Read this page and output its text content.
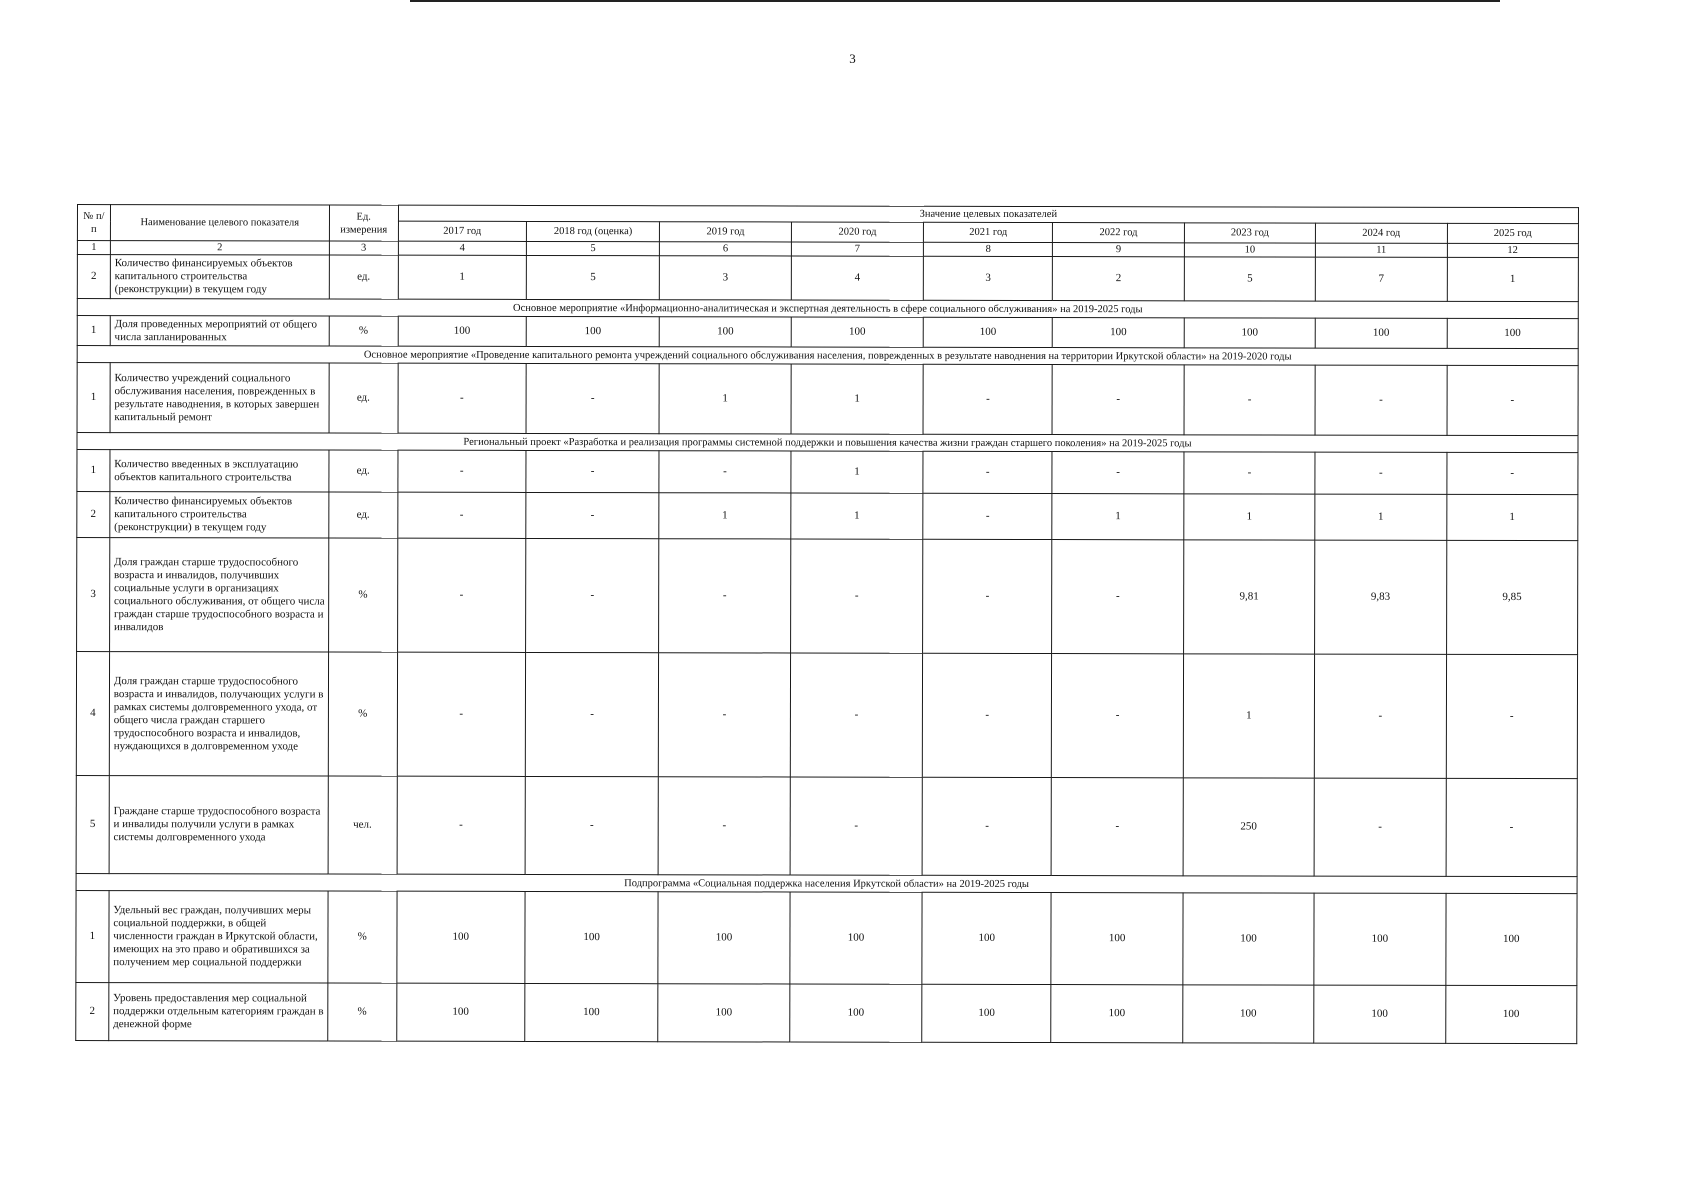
3
№ п/п	Наименование целевого показателя	Ед. измерения	Значение целевых показателей								
			2017 год	2018 год (оценка)	2019 год	2020 год	2021 год	2022 год	2023 год	2024 год	2025 год
1	2	3	4	5	6	7	8	9	10	11	12
2	Количество финансируемых объектов капитального строительства (реконструкции) в текущем году	ед.	1	5	3	4	3	2	5	7	1
Основное мероприятие «Информационно-аналитическая и экспертная деятельность в сфере социального обслуживания» на 2019-2025 годы											
1	Доля проведенных мероприятий от общего числа запланированных	%	100	100	100	100	100	100	100	100	100
Основное мероприятие «Проведение капитального ремонта учреждений социального обслуживания населения, поврежденных в результате наводнения на территории Иркутской области» на 2019-2020 годы											
1	Количество учреждений социального обслуживания населения, поврежденных в результате наводнения, в которых завершен капитальный ремонт	ед.	-	-	1	1	-	-	-	-	-
Региональный проект «Разработка и реализация программы системной поддержки и повышения качества жизни граждан старшего поколения» на 2019-2025 годы											
1	Количество введенных в эксплуатацию объектов капитального строительства	ед.	-	-	-	1	-	-	-	-	-
2	Количество финансируемых объектов капитального строительства (реконструкции) в текущем году	ед.	-	-	1	1	-	1	1	1	1
3	Доля граждан старше трудоспособного возраста и инвалидов, получивших социальные услуги в организациях социального обслуживания, от общего числа граждан старше трудоспособного возраста и инвалидов	%	-	-	-	-	-	-	9,81	9,83	9,85
4	Доля граждан старше трудоспособного возраста и инвалидов, получающих услуги в рамках системы долговременного ухода, от общего числа граждан старшего трудоспособного возраста и инвалидов, нуждающихся в долговременном уходе	%	-	-	-	-	-	-	1	-	-
5	Граждане старше трудоспособного возраста и инвалиды получили услуги в рамках системы долговременного ухода	чел.	-	-	-	-	-	-	250	-	-
Подпрограмма «Социальная поддержка населения Иркутской области» на 2019-2025 годы											
1	Удельный вес граждан, получивших меры социальной поддержки, в общей численности граждан в Иркутской области, имеющих на это право и обратившихся за получением мер социальной поддержки	%	100	100	100	100	100	100	100	100	100
2	Уровень предоставления мер социальной поддержки отдельным категориям граждан в денежной форме	%	100	100	100	100	100	100	100	100	100
